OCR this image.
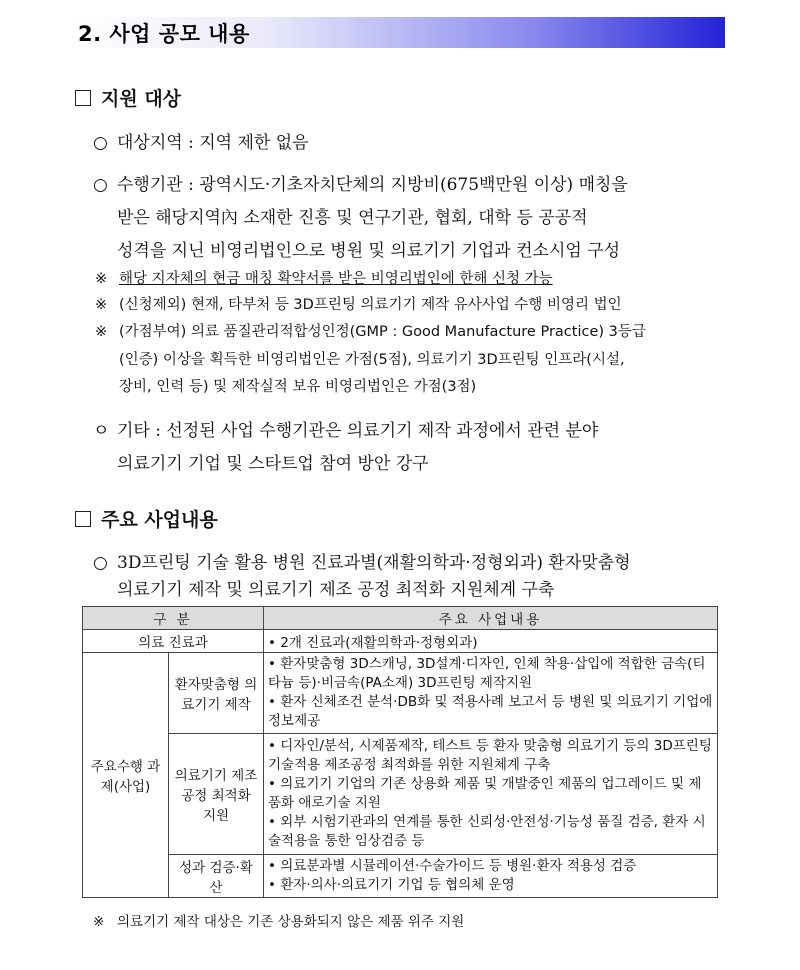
2. 사업 공모 내용
지원 대상
○ 대상지역 : 지역 제한 없음
○ 수행기관 : 광역시도·기초자치단체의 지방비(675백만원 이상) 매칭을
받은 해당지역內 소재한 진흥 및 연구기관, 협회, 대학 등 공공적
성격을 지닌 비영리법인으로 병원 및 의료기기 기업과 컨소시엄 구성
※ 해당 지자체의 현금 매칭 확약서를 받은 비영리법인에 한해 신청 가능
※ (신청제외) 현재, 타부처 등 3D프린팅 의료기기 제작 유사사업 수행 비영리 법인
※ (가점부여) 의료 품질관리적합성인정(GMP : Good Manufacture Practice) 3등급
(인증) 이상을 획득한 비영리법인은 가점(5점), 의료기기 3D프린팅 인프라(시설,
장비, 인력 등) 및 제작실적 보유 비영리법인은 가점(3점)
ㅇ 기타 : 선정된 사업 수행기관은 의료기기 제작 과정에서 관련 분야
의료기기 기업 및 스타트업 참여 방안 강구
주요 사업내용
○ 3D프린팅 기술 활용 병원 진료과별(재활의학과·정형외과) 환자맞춤형
의료기기 제작 및 의료기기 제조 공정 최적화 지원체계 구축
구 분		주요 사업내용
의료 진료과		• 2개 진료과(재활의학과·정형외과)
주요수행 과제(사업)	환자맞춤형 의료기기 제작	• 환자맞춤형 3D스캐닝, 3D설계·디자인, 인체 착용·삽입에 적합한 금속(티타늄 등)·비금속(PA소재) 3D프린팅 제작지원
• 환자 신체조건 분석·DB화 및 적용사례 보고서 등 병원 및 의료기기 기업에 정보제공

	의료기기 제조공정 최적화 지원	• 디자인/분석, 시제품제작, 테스트 등 환자 맞춤형 의료기기 등의 3D프린팅 기술적용 제조공정 최적화를 위한 지원체계 구축
• 의료기기 기업의 기존 상용화 제품 및 개발중인 제품의 업그레이드 및 제품화 애로기술 지원
• 외부 시험기관과의 연계를 통한 신뢰성·안전성·기능성 품질 검증, 환자 시술적용을 통한 임상검증 등

	성과 검증·확산	• 의료분과별 시뮬레이션·수술가이드 등 병원·환자 적용성 검증
• 환자·의사·의료기기 기업 등 협의체 운영
※ 의료기기 제작 대상은 기존 상용화되지 않은 제품 위주 지원
